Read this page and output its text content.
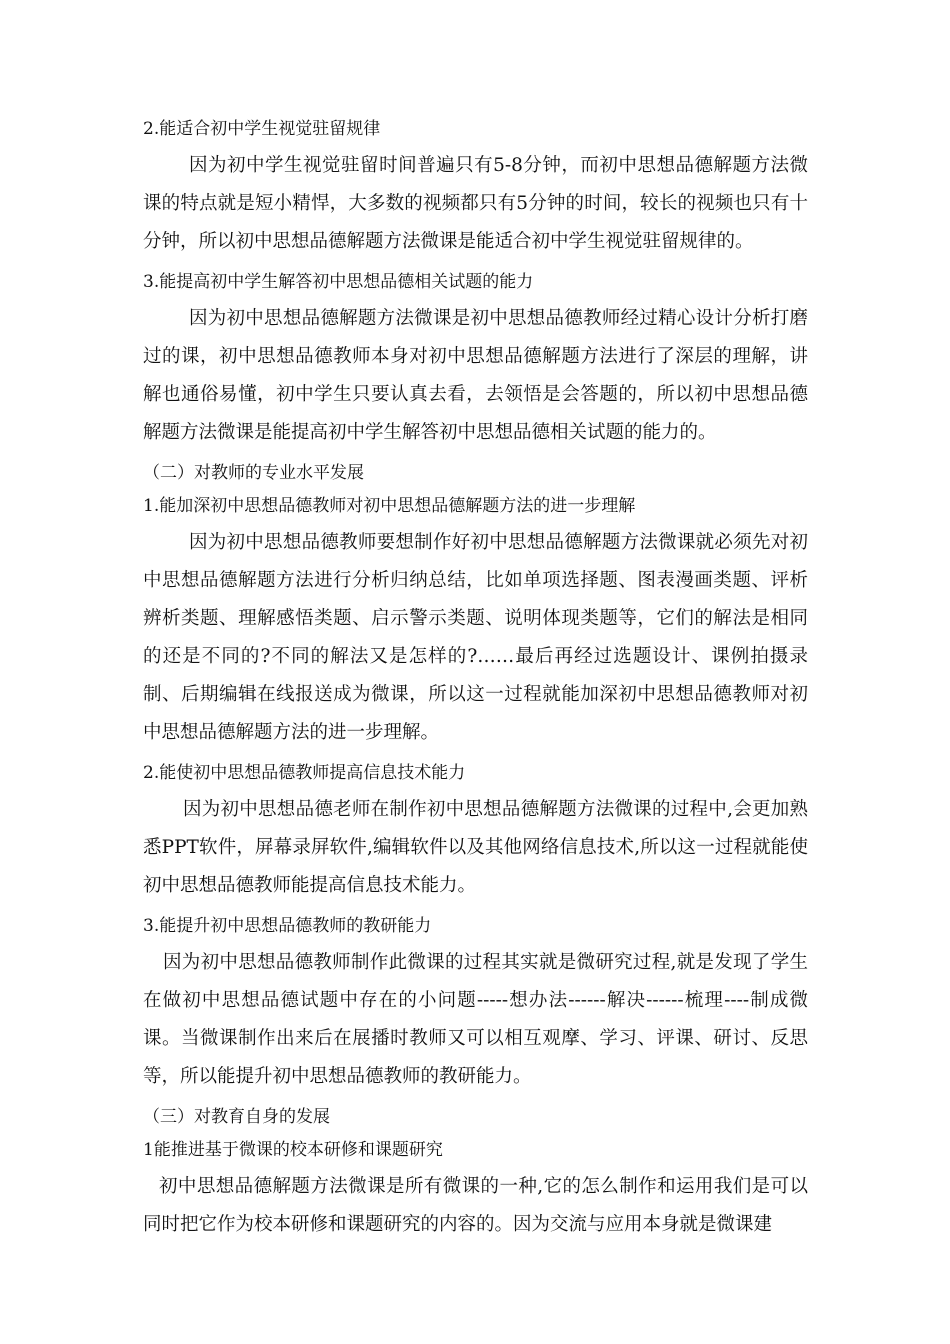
2.能适合初中学生视觉驻留规律

因为初中学生视觉驻留时间普遍只有5-8分钟，而初中思想品德解题方法微课的特点就是短小精悍，大多数的视频都只有5分钟的时间，较长的视频也只有十分钟，所以初中思想品德解题方法微课是能适合初中学生视觉驻留规律的。

3.能提高初中学生解答初中思想品德相关试题的能力

因为初中思想品德解题方法微课是初中思想品德教师经过精心设计分析打磨过的课，初中思想品德教师本身对初中思想品德解题方法进行了深层的理解，讲解也通俗易懂，初中学生只要认真去看，去领悟是会答题的，所以初中思想品德解题方法微课是能提高初中学生解答初中思想品德相关试题的能力的。

（二）对教师的专业水平发展

1.能加深初中思想品德教师对初中思想品德解题方法的进一步理解

因为初中思想品德教师要想制作好初中思想品德解题方法微课就必须先对初中思想品德解题方法进行分析归纳总结，比如单项选择题、图表漫画类题、评析辨析类题、理解感悟类题、启示警示类题、说明体现类题等，它们的解法是相同的还是不同的?不同的解法又是怎样的?……最后再经过选题设计、课例拍摄录制、后期编辑在线报送成为微课，所以这一过程就能加深初中思想品德教师对初中思想品德解题方法的进一步理解。

2.能使初中思想品德教师提高信息技术能力

因为初中思想品德老师在制作初中思想品德解题方法微课的过程中,会更加熟悉PPT软件，屏幕录屏软件,编辑软件以及其他网络信息技术,所以这一过程就能使初中思想品德教师能提高信息技术能力。

3.能提升初中思想品德教师的教研能力

因为初中思想品德教师制作此微课的过程其实就是微研究过程,就是发现了学生在做初中思想品德试题中存在的小问题-----想办法------解决------梳理----制成微课。当微课制作出来后在展播时教师又可以相互观摩、学习、评课、研讨、反思等，所以能提升初中思想品德教师的教研能力。

（三）对教育自身的发展

1能推进基于微课的校本研修和课题研究

初中思想品德解题方法微课是所有微课的一种,它的怎么制作和运用我们是可以同时把它作为校本研修和课题研究的内容的。因为交流与应用本身就是微课建
